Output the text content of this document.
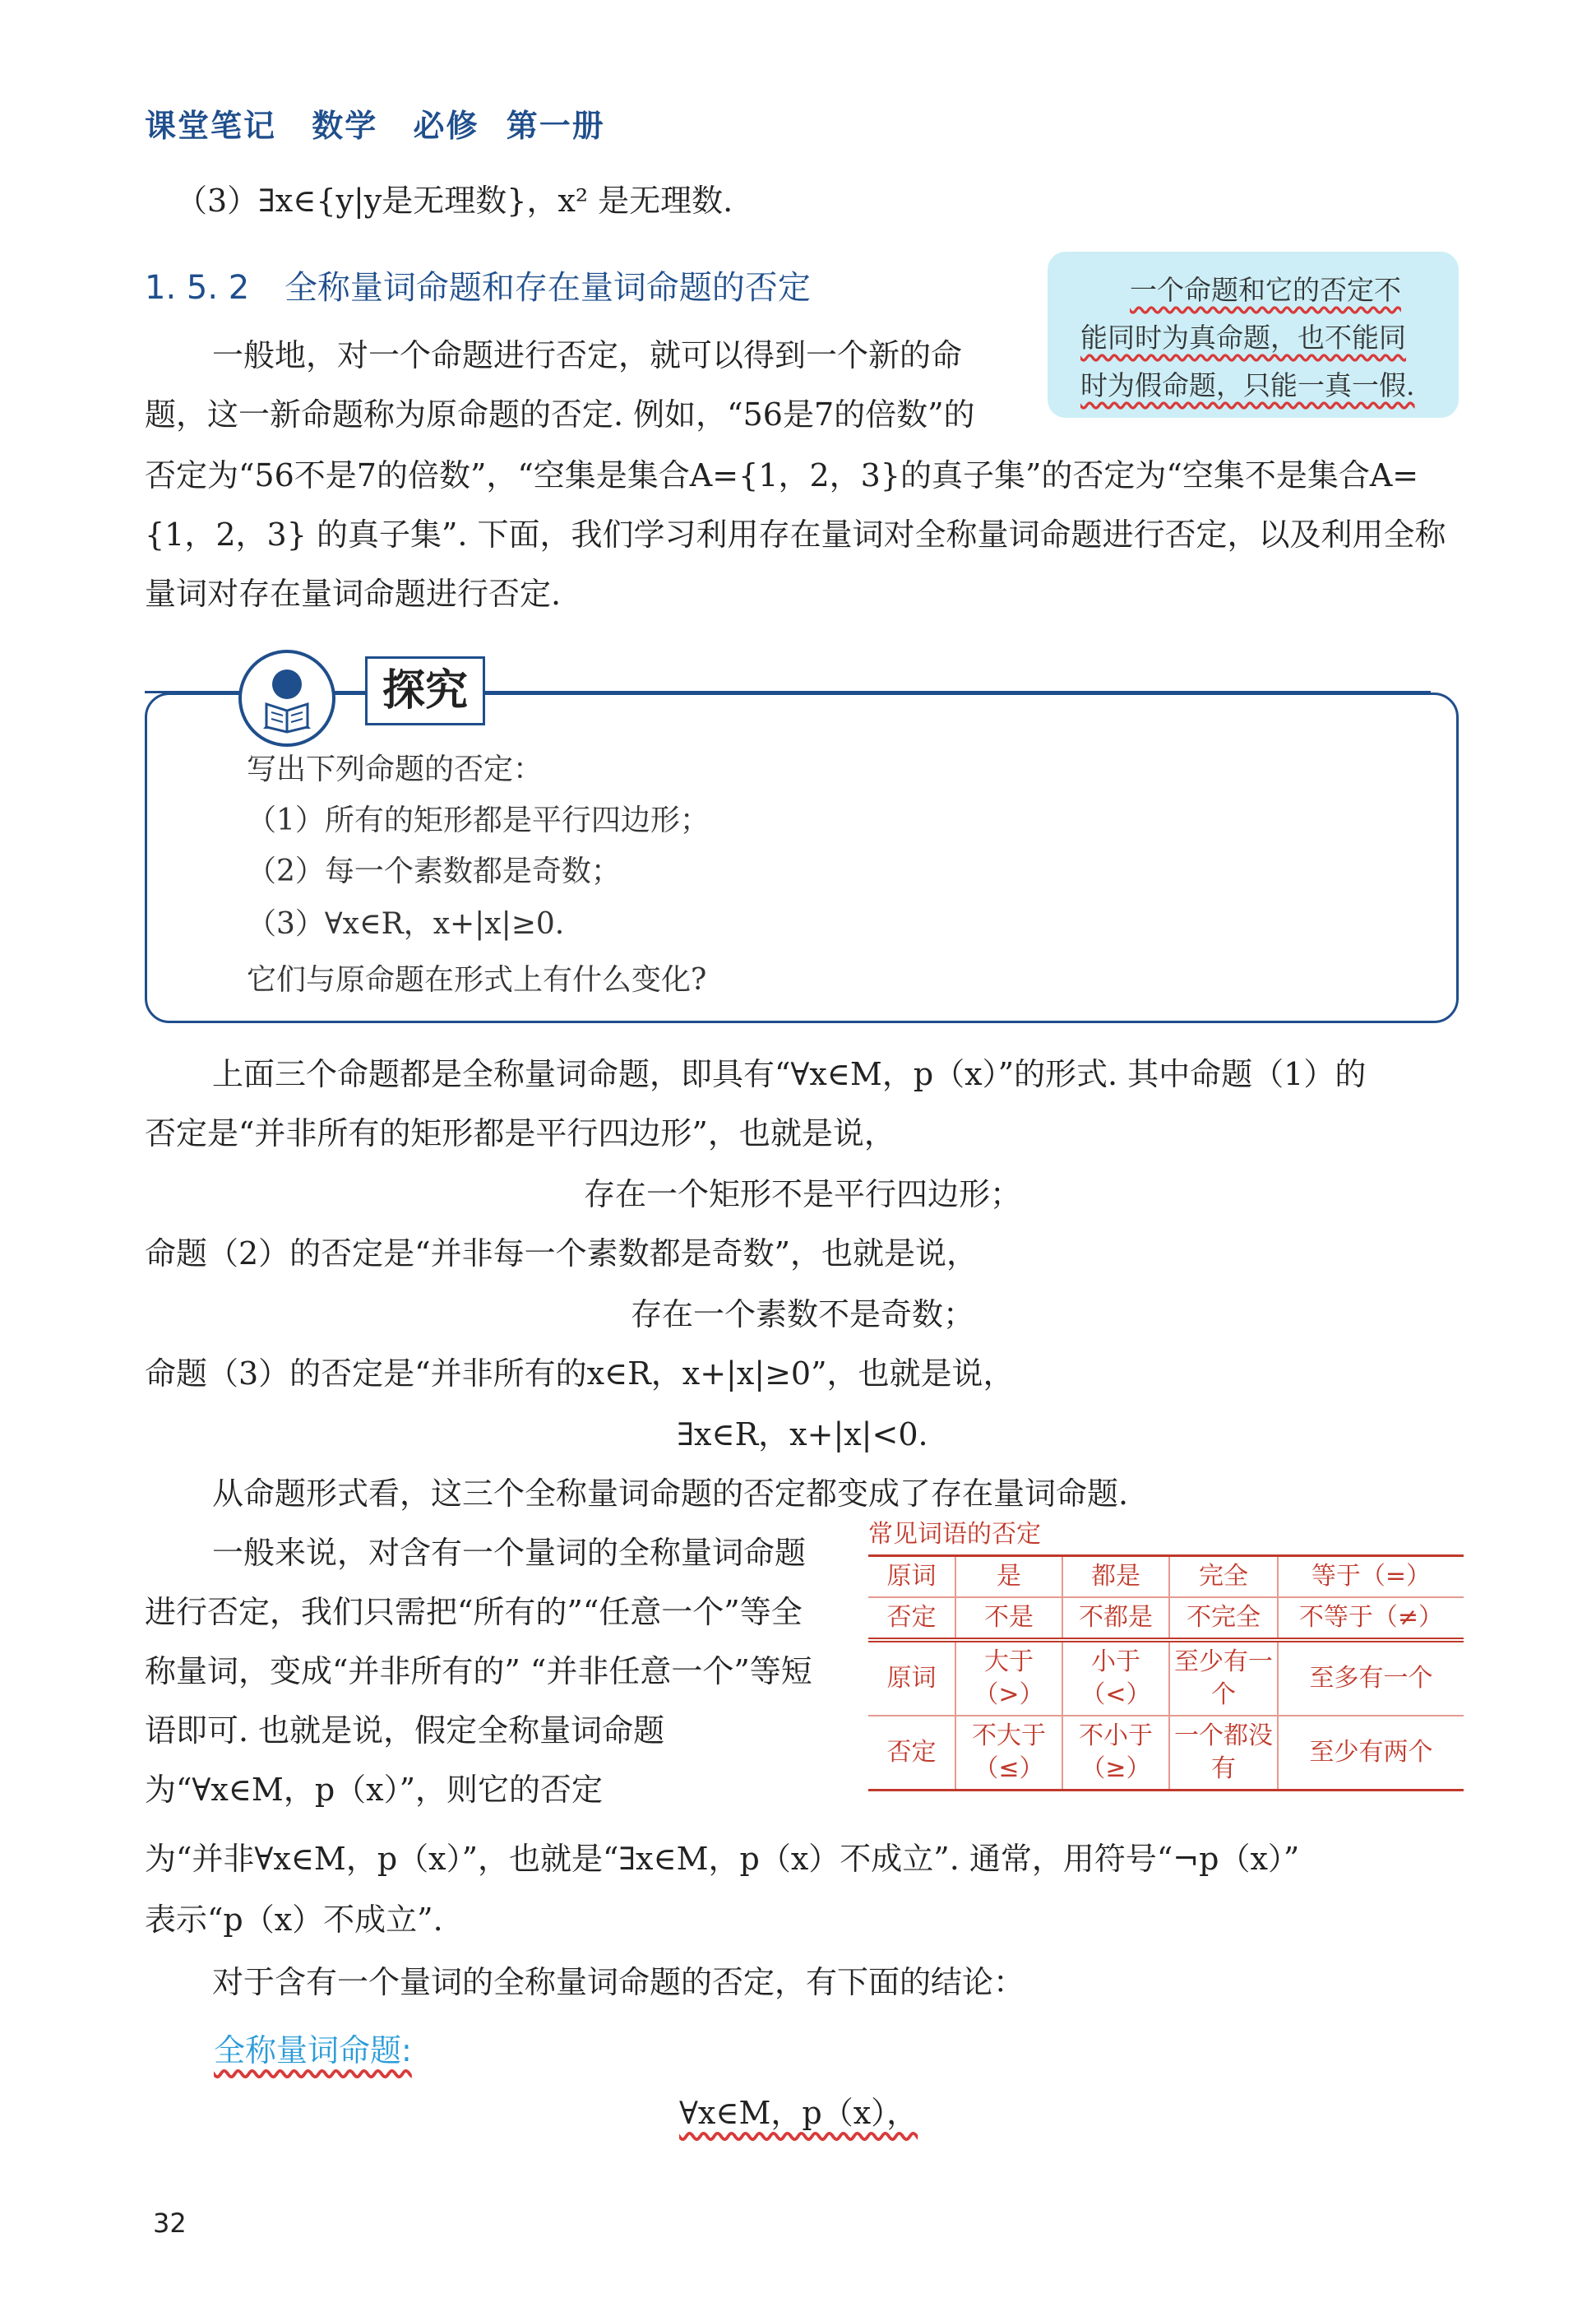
课堂笔记 数学 必修 第一册
（3）∃x∈{y|y是无理数}，x² 是无理数.
1. 5. 2 全称量词命题和存在量词命题的否定	一个命题和它的否定不
能同时为真命题，也不能同
时为假命题，只能一真一假.
一般地，对一个命题进行否定，就可以得到一个新的命
题，这一新命题称为原命题的否定. 例如，“56是7的倍数”的
否定为“56不是7的倍数”，“空集是集合A={1，2，3}的真子集”的否定为“空集不是集合A={1，2，3} 的真子集”. 下面，我们学习利用存在量词对全称量词命题进行否定，以及利用全称量词对存在量词命题进行否定.
探究
写出下列命题的否定：
（1）所有的矩形都是平行四边形；
（2）每一个素数都是奇数；
（3）∀x∈R，x+|x|≥0.
它们与原命题在形式上有什么变化?
上面三个命题都是全称量词命题，即具有“∀x∈M，p（x）”的形式. 其中命题（1）的
否定是“并非所有的矩形都是平行四边形”，也就是说，
存在一个矩形不是平行四边形；
命题（2）的否定是“并非每一个素数都是奇数”，也就是说，
存在一个素数不是奇数；
命题（3）的否定是“并非所有的x∈R，x+|x|≥0”，也就是说，
∃x∈R，x+|x|<0.
从命题形式看，这三个全称量词命题的否定都变成了存在量词命题.
一般来说，对含有一个量词的全称量词命题进行否定，我们只需把“所有的”“任意一个”等全称量词，变成“并非所有的” “并非任意一个”等短语即可. 也就是说，假定全称量词命题为“∀x∈M，p（x）”，则它的否定
常见词语的否定
原词	是	都是	完全	等于（=）
否定	不是	不都是	不完全	不等于（≠）
原词	大于（>）	小于（<）	至少有一个	至多有一个
否定	不大于（≤）	不小于（≥）	一个都没有	至少有两个
为“并非∀x∈M，p（x）”，也就是“∃x∈M，p（x）不成立”. 通常，用符号“¬p（x）”
表示“p（x）不成立”.
对于含有一个量词的全称量词命题的否定，有下面的结论：
全称量词命题:
∀x∈M，p（x），
32
